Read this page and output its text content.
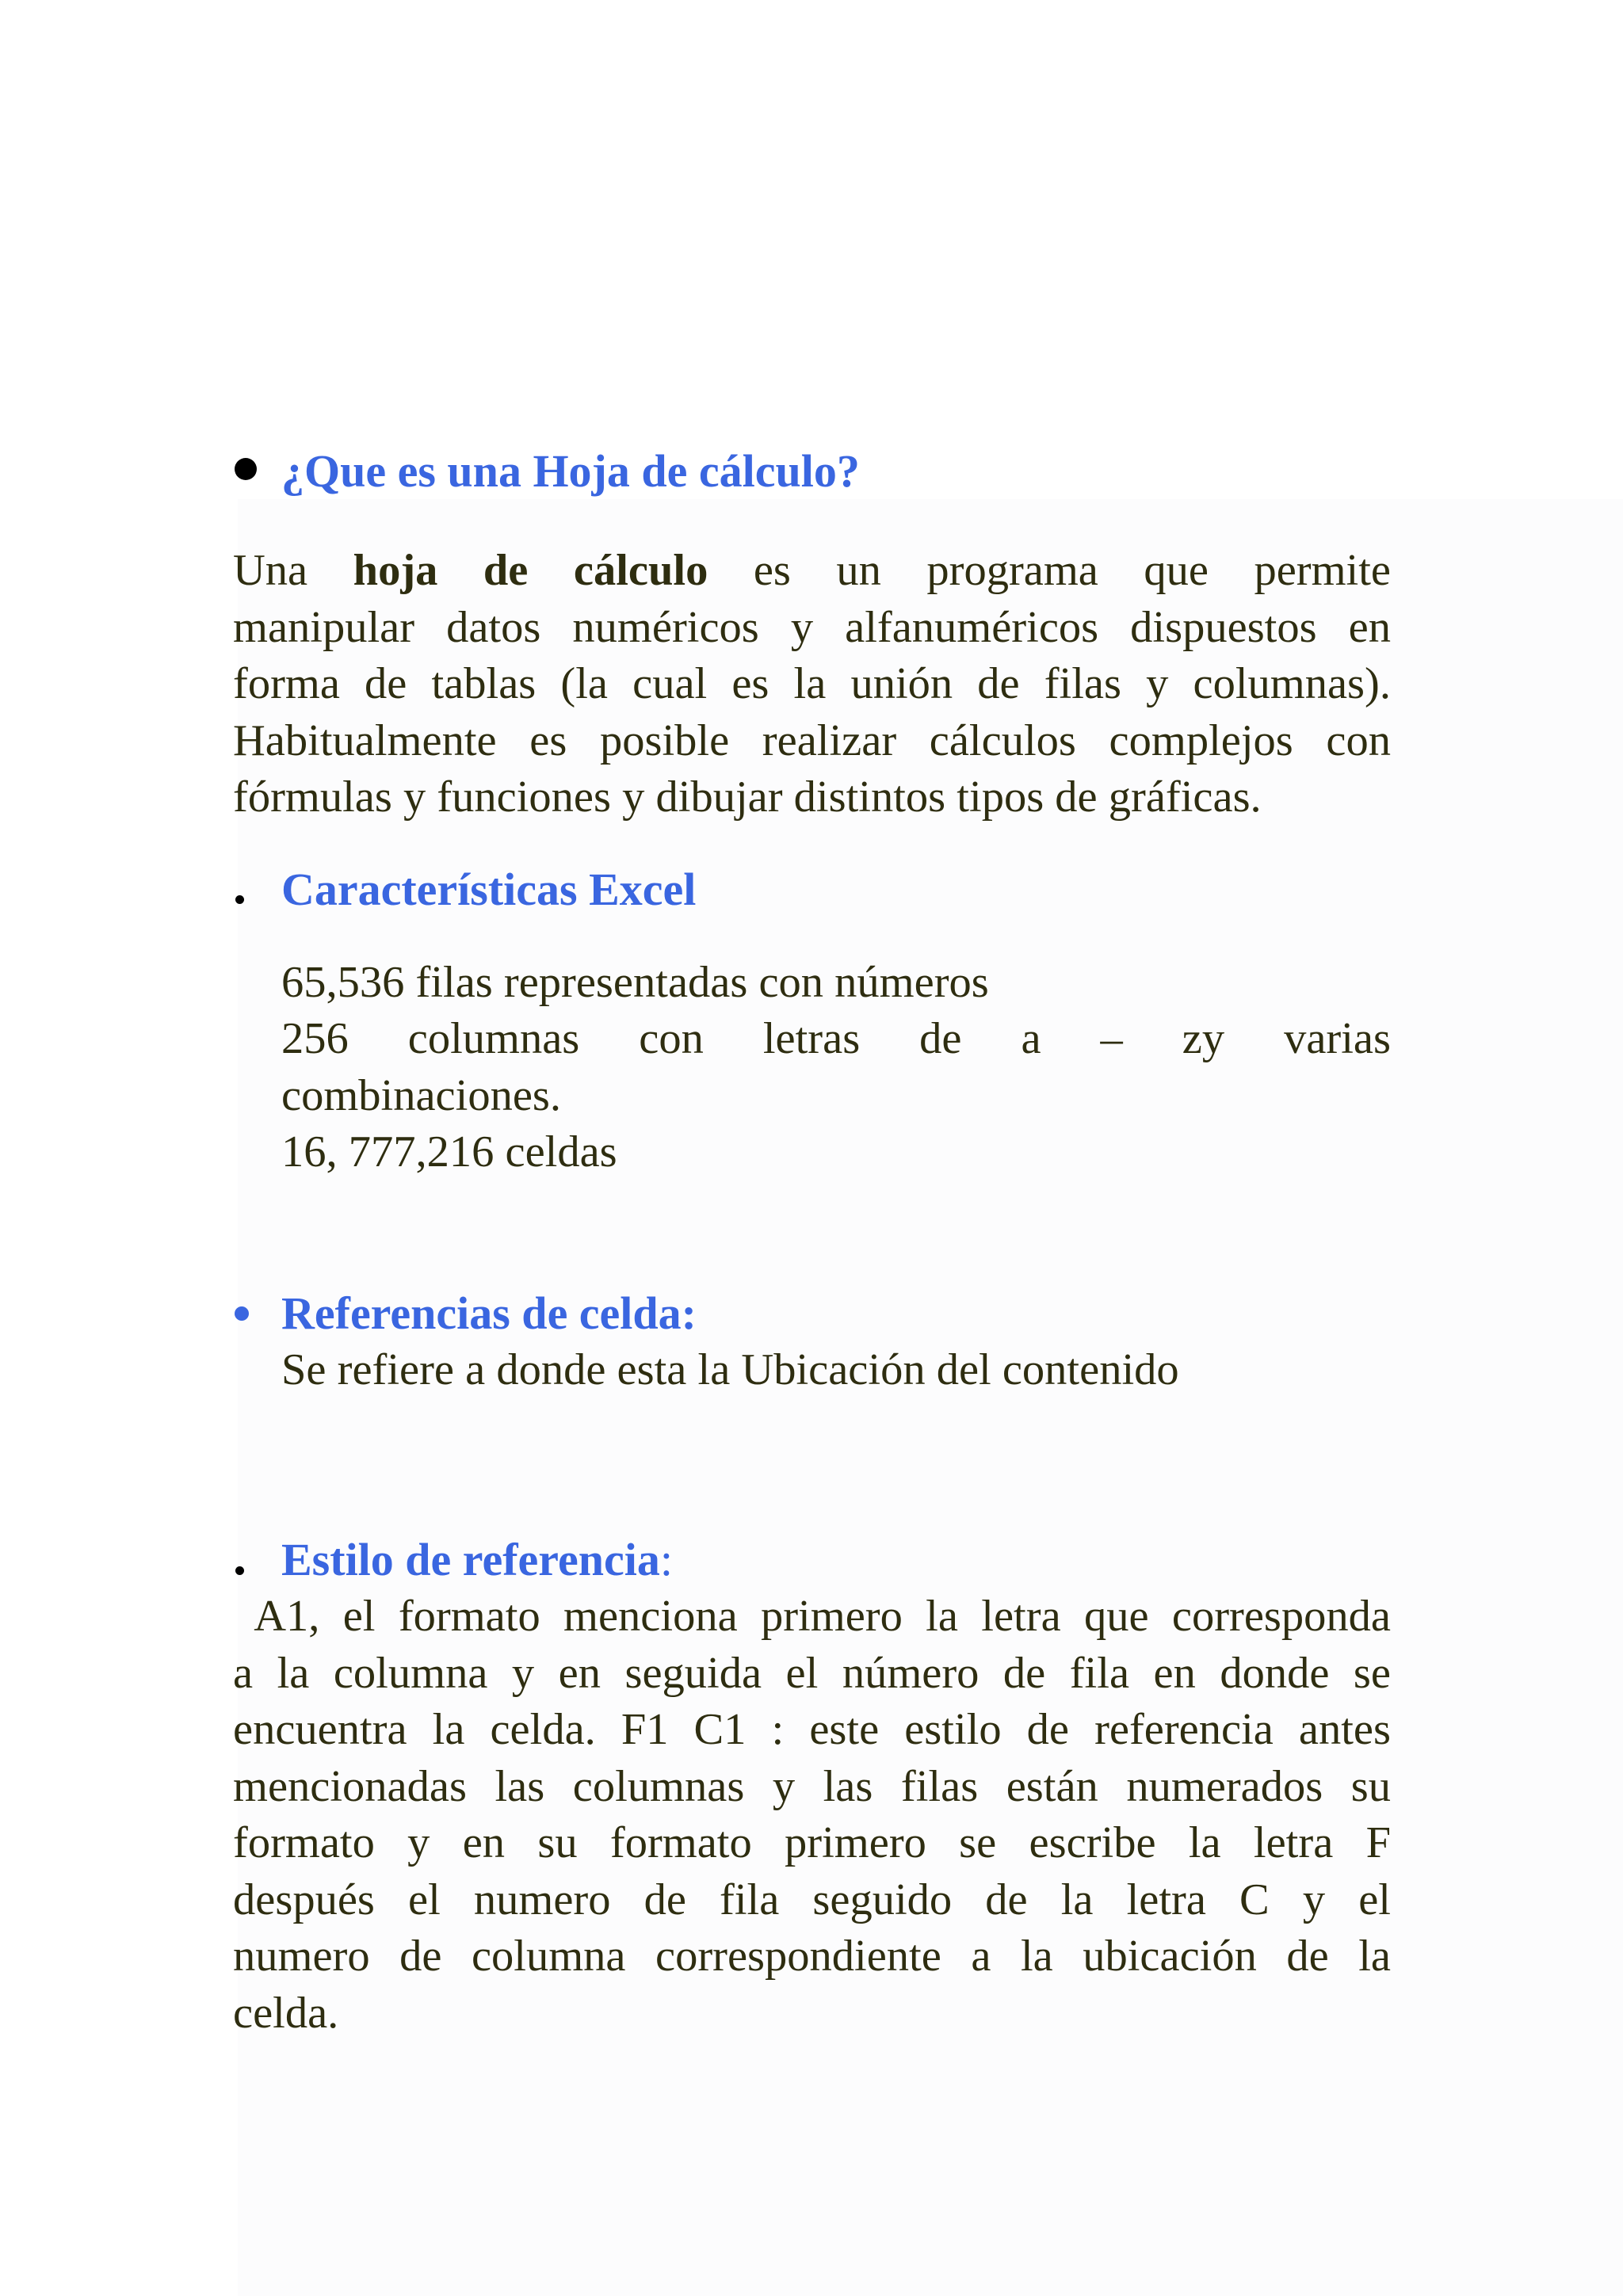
¿Que es una Hoja de cálculo?
Una hoja de cálculo es un programa que permite
manipular datos numéricos y alfanuméricos dispuestos en
forma de tablas (la cual es la unión de filas y columnas).
Habitualmente es posible realizar cálculos complejos con
fórmulas y funciones y dibujar distintos tipos de gráficas.
Características Excel
65,536 filas representadas con números
256 columnas con letras de a – zy varias
combinaciones.
16, 777,216 celdas
Referencias de celda:
Se refiere a donde esta la Ubicación del contenido
Estilo de referencia:
A1, el formato menciona primero la letra que corresponda
a la columna y en seguida el número de fila en donde se
encuentra la celda. F1 C1 : este estilo de referencia antes
mencionadas las columnas y las filas están numerados su
formato y en su formato primero se escribe la letra F
después el numero de fila seguido de la letra C y el
numero de columna correspondiente a la ubicación de la
celda.
